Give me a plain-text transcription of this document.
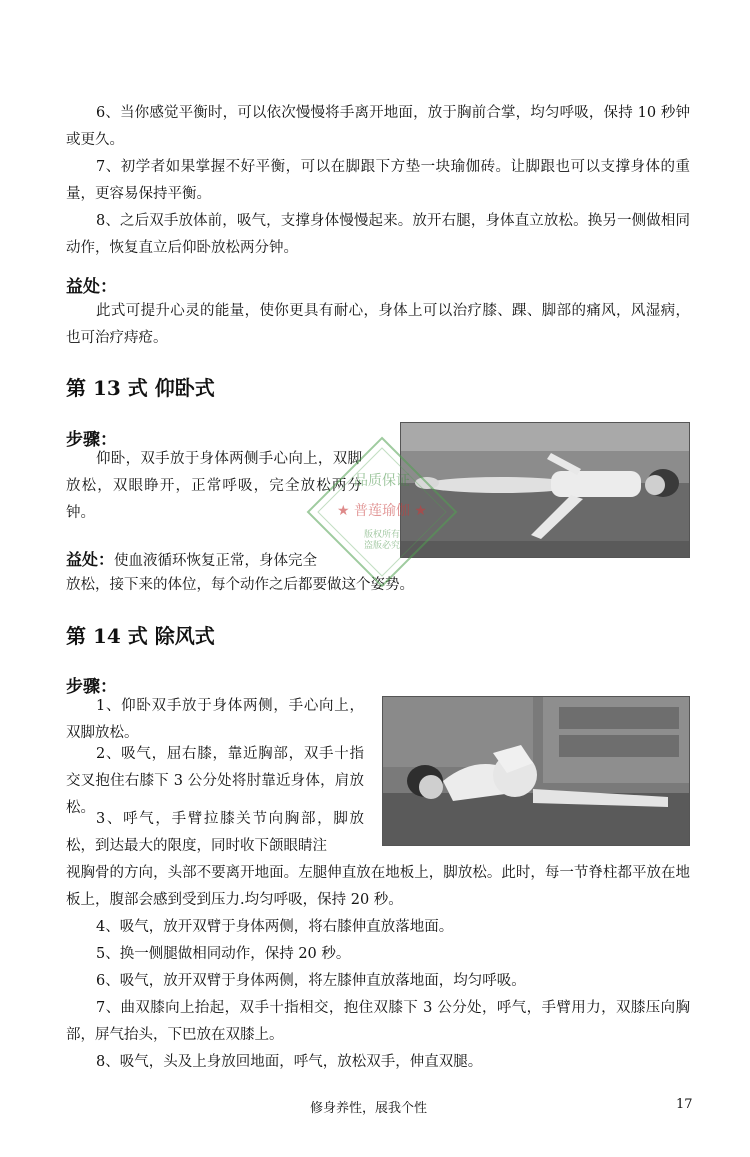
6、当你感觉平衡时，可以依次慢慢将手离开地面，放于胸前合掌，均匀呼吸，保持 10 秒钟或更久。

7、初学者如果掌握不好平衡，可以在脚跟下方垫一块瑜伽砖。让脚跟也可以支撑身体的重量，更容易保持平衡。

8、之后双手放体前，吸气，支撑身体慢慢起来。放开右腿，身体直立放松。换另一侧做相同动作，恢复直立后仰卧放松两分钟。

益处：

此式可提升心灵的能量，使你更具有耐心，身体上可以治疗膝、踝、脚部的痛风，风湿病，也可治疗痔疮。

第 13 式 仰卧式
步骤：

仰卧，双手放于身体两侧手心向上，双脚放松，双眼睁开，正常呼吸，完全放松两分钟。

益处：使血液循环恢复正常，身体完全
放松，接下来的体位，每个动作之后都要做这个姿势。
品质保证
★ 普莲瑜伽 ★
版权所有
盗版必究
第 14 式 除风式
步骤：

1、仰卧双手放于身体两侧，手心向上，双脚放松。

2、吸气，屈右膝，靠近胸部，双手十指交叉抱住右膝下 3 公分处将肘靠近身体，肩放松。

3、呼气，手臂拉膝关节向胸部，脚放松，到达最大的限度，同时收下颌眼睛注

视胸骨的方向，头部不要离开地面。左腿伸直放在地板上，脚放松。此时，每一节脊柱都平放在地板上，腹部会感到受到压力.均匀呼吸，保持 20 秒。

4、吸气，放开双臂于身体两侧，将右膝伸直放落地面。

5、换一侧腿做相同动作，保持 20 秒。

6、吸气，放开双臂于身体两侧，将左膝伸直放落地面，均匀呼吸。

7、曲双膝向上抬起，双手十指相交，抱住双膝下 3 公分处，呼气，手臂用力，双膝压向胸部，屏气抬头，下巴放在双膝上。

8、吸气，头及上身放回地面，呼气，放松双手，伸直双腿。

修身养性，展我个性	17
